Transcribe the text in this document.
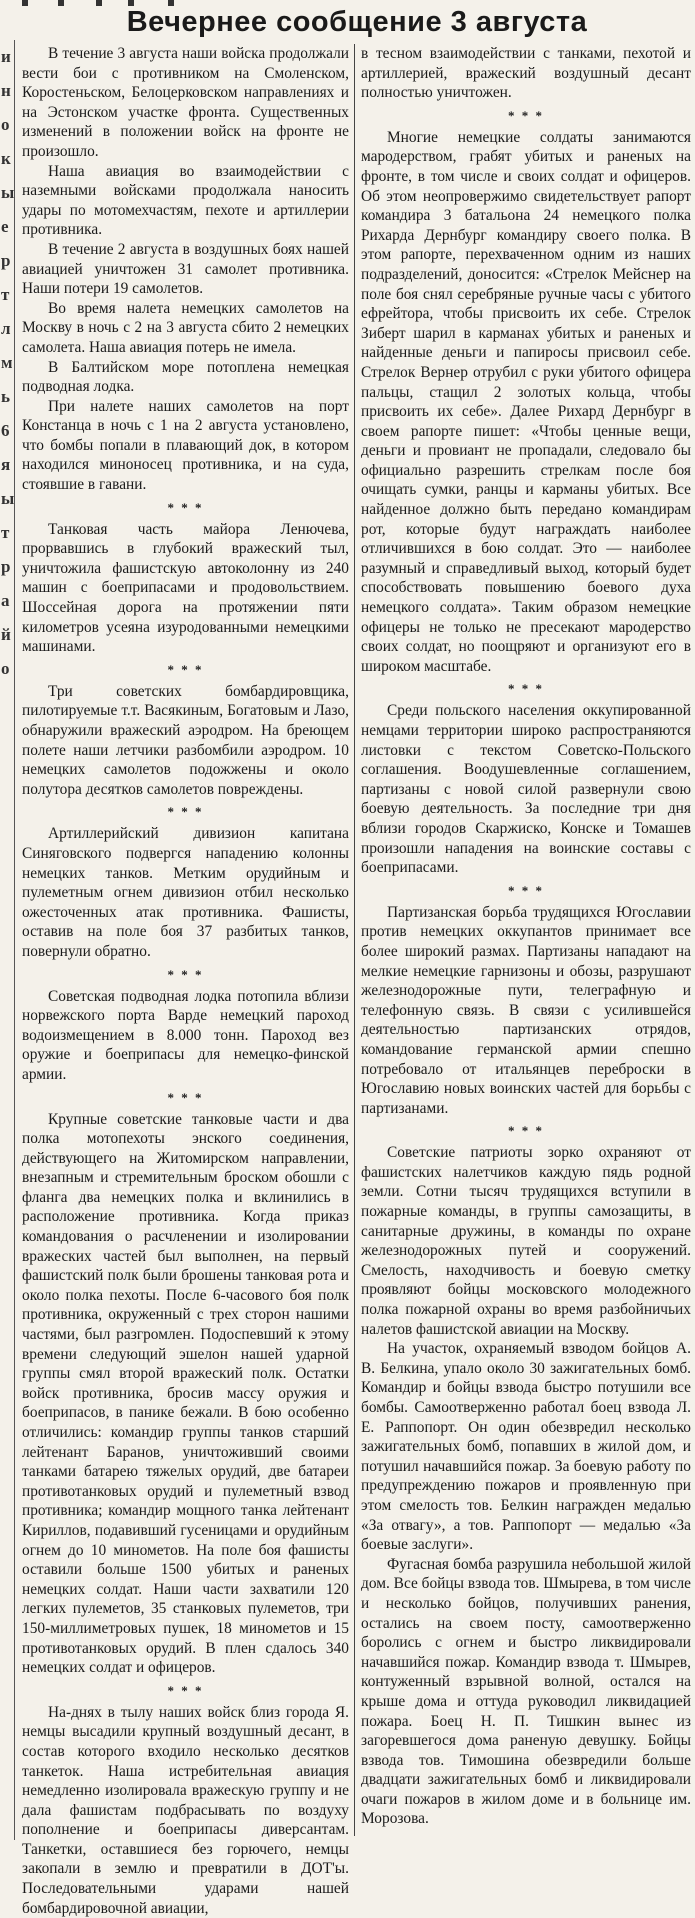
и
н
о
к
ы
е
р
т
л
м
ь
6
я
ы
т
р
а
й
о
Вечернее сообщение 3 августа

В течение 3 августа наши войска продолжали вести бои с противником на Смоленском, Коростеньском, Белоцерковском направлениях и на Эстонском участке фронта. Существенных изменений в положении войск на фронте не произошло.

Наша авиация во взаимодействии с наземными войсками продолжала наносить удары по мотомехчастям, пехоте и артиллерии противника.

В течение 2 августа в воздушных боях нашей авиацией уничтожен 31 самолет противника. Наши потери 19 самолетов.

Во время налета немецких самолетов на Москву в ночь с 2 на 3 августа сбито 2 немецких самолета. Наша авиация потерь не имела.

В Балтийском море потоплена немецкая подводная лодка.

При налете наших самолетов на порт Констанца в ночь с 1 на 2 августа установлено, что бомбы попали в плавающий док, в котором находился миноносец противника, и на суда, стоявшие в гавани.

* * *

Танковая часть майора Ленючева, прорвавшись в глубокий вражеский тыл, уничтожила фашистскую автоколонну из 240 машин с боеприпасами и продовольствием. Шоссейная дорога на протяжении пяти километров усеяна изуродованными немецкими машинами.

* * *

Три советских бомбардировщика, пилотируемые т.т. Васякиным, Богатовым и Лазо, обнаружили вражеский аэродром. На бреющем полете наши летчики разбомбили аэродром. 10 немецких самолетов подожжены и около полутора десятков самолетов повреждены.

* * *

Артиллерийский дивизион капитана Синяговского подвергся нападению колонны немецких танков. Метким орудийным и пулеметным огнем дивизион отбил несколько ожесточенных атак противника. Фашисты, оставив на поле боя 37 разбитых танков, повернули обратно.

* * *

Советская подводная лодка потопила вблизи норвежского порта Варде немецкий пароход водоизмещением в 8.000 тонн. Пароход вез оружие и боеприпасы для немецко-финской армии.

* * *

Крупные советские танковые части и два полка мотопехоты энского соединения, действующего на Житомирском направлении, внезапным и стремительным броском обошли с фланга два немецких полка и вклинились в расположение противника. Когда приказ командования о расчленении и изолировании вражеских частей был выполнен, на первый фашистский полк были брошены танковая рота и около полка пехоты. После 6-часового боя полк противника, окруженный с трех сторон нашими частями, был разгромлен. Подоспевший к этому времени следующий эшелон нашей ударной группы смял второй вражеский полк. Остатки войск противника, бросив массу оружия и боеприпасов, в панике бежали. В бою особенно отличились: командир группы танков старший лейтенант Баранов, уничтоживший своими танками батарею тяжелых орудий, две батареи противотанковых орудий и пулеметный взвод противника; командир мощного танка лейтенант Кириллов, подавивший гусеницами и орудийным огнем до 10 минометов. На поле боя фашисты оставили больше 1500 убитых и раненых немецких солдат. Наши части захватили 120 легких пулеметов, 35 станковых пулеметов, три 150-миллиметровых пушек, 18 минометов и 15 противотанковых орудий. В плен сдалось 340 немецких солдат и офицеров.

* * *

На-днях в тылу наших войск близ города Я. немцы высадили крупный воздушный десант, в состав которого входило несколько десятков танкеток. Наша истребительная авиация немедленно изолировала вражескую группу и не дала фашистам подбрасывать по воздуху пополнение и боеприпасы диверсантам. Танкетки, оставшиеся без горючего, немцы закопали в землю и превратили в ДОТ'ы. Последовательными ударами нашей бомбардировочной авиации,

в тесном взаимодействии с танками, пехотой и артиллерией, вражеский воздушный десант полностью уничтожен.

* * *

Многие немецкие солдаты занимаются мародерством, грабят убитых и раненых на фронте, в том числе и своих солдат и офицеров. Об этом неопровержимо свидетельствует рапорт командира 3 батальона 24 немецкого полка Рихарда Дернбург командиру своего полка. В этом рапорте, перехваченном одним из наших подразделений, доносится: «Стрелок Мейснер на поле боя снял серебряные ручные часы с убитого ефрейтора, чтобы присвоить их себе. Стрелок Зиберт шарил в карманах убитых и раненых и найденные деньги и папиросы присвоил себе. Стрелок Вернер отрубил с руки убитого офицера пальцы, стащил 2 золотых кольца, чтобы присвоить их себе». Далее Рихард Дернбург в своем рапорте пишет: «Чтобы ценные вещи, деньги и провиант не пропадали, следовало бы официально разрешить стрелкам после боя очищать сумки, ранцы и карманы убитых. Все найденное должно быть передано командирам рот, которые будут награждать наиболее отличившихся в бою солдат. Это — наиболее разумный и справедливый выход, который будет способствовать повышению боевого духа немецкого солдата». Таким образом немецкие офицеры не только не пресекают мародерство своих солдат, но поощряют и организуют его в широком масштабе.

* * *

Среди польского населения оккупированной немцами территории широко распространяются листовки с текстом Советско-Польского соглашения. Воодушевленные соглашением, партизаны с новой силой развернули свою боевую деятельность. За последние три дня вблизи городов Скаржиско, Конске и Томашев произошли нападения на воинские составы с боеприпасами.

* * *

Партизанская борьба трудящихся Югославии против немецких оккупантов принимает все более широкий размах. Партизаны нападают на мелкие немецкие гарнизоны и обозы, разрушают железнодорожные пути, телеграфную и телефонную связь. В связи с усилившейся деятельностью партизанских отрядов, командование германской армии спешно потребовало от итальянцев переброски в Югославию новых воинских частей для борьбы с партизанами.

* * *

Советские патриоты зорко охраняют от фашистских налетчиков каждую пядь родной земли. Сотни тысяч трудящихся вступили в пожарные команды, в группы самозащиты, в санитарные дружины, в команды по охране железнодорожных путей и сооружений. Смелость, находчивость и боевую сметку проявляют бойцы московского молодежного полка пожарной охраны во время разбойничьих налетов фашистской авиации на Москву.

На участок, охраняемый взводом бойцов А. В. Белкина, упало около 30 зажигательных бомб. Командир и бойцы взвода быстро потушили все бомбы. Самоотверженно работал боец взвода Л. Е. Раппопорт. Он один обезвредил несколько зажигательных бомб, попавших в жилой дом, и потушил начавшийся пожар. За боевую работу по предупреждению пожаров и проявленную при этом смелость тов. Белкин награжден медалью «За отвагу», а тов. Раппопорт — медалью «За боевые заслуги».

Фугасная бомба разрушила небольшой жилой дом. Все бойцы взвода тов. Шмырева, в том числе и несколько бойцов, получивших ранения, остались на своем посту, самоотверженно боролись с огнем и быстро ликвидировали начавшийся пожар. Командир взвода т. Шмырев, контуженный взрывной волной, остался на крыше дома и оттуда руководил ликвидацией пожара. Боец Н. П. Тишкин вынес из загоревшегося дома раненую девушку. Бойцы взвода тов. Тимошина обезвредили больше двадцати зажигательных бомб и ликвидировали очаги пожаров в жилом доме и в больнице им. Морозова.
